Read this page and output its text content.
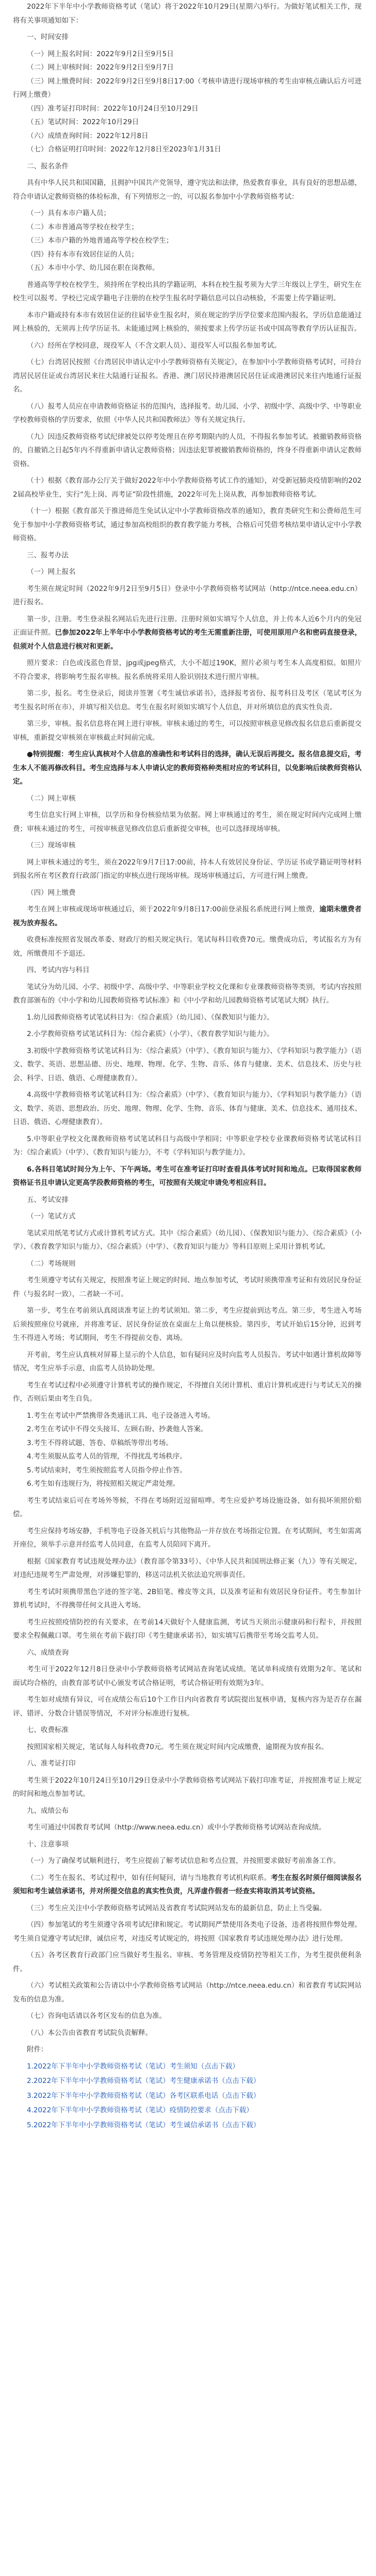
2022年下半年中小学教师资格考试（笔试）将于2022年10月29日(星期六)举行。为做好笔试相关工作，现将有关事项通知如下：

一、时间安排

（一）网上报名时间：2022年9月2日至9月5日

（二）网上审核时间：2022年9月2日至9月7日

（三）网上缴费时间：2022年9月2日至9月8日17:00（考核申请进行现场审核的考生由审核点确认后方可进行网上缴费）

（四）准考证打印时间：2022年10月24日至10月29日

（五）笔试时间：2022年10月29日

（六）成绩查询时间：2022年12月8日

（七）合格证明打印时间：2022年12月8日至2023年1月31日

二、报名条件

具有中华人民共和国国籍，且拥护中国共产党领导，遵守宪法和法律，热爱教育事业，具有良好的思想品德，符合申请认定教师资格的体检标准，有下列情形之一的，可以报名参加中小学教师资格考试：

（一）具有本市户籍人员；

（二）本市普通高等学校在校学生；

（三）本市户籍的外地普通高等学校在校学生；

（四）持有本市有效居住证的人员；

（五）本市中小学、幼儿园在职在岗教师。

普通高等学校在校学生，须持所在学校出具的学籍证明，本科在校生报考须为大学三年级以上学生，研究生在校生可以报考。学校已完成学籍电子注册的在校学生报名时学籍信息可以自动核验，不需要上传学籍证明。

本市户籍或持有本市有效居住证的往届毕业生报名时，须在规定的学历学位要求范围内报名，学历信息能通过网上核验的，无须再上传学历证书。未能通过网上核验的，须按要求上传学历证书或中国高等教育学历认证报告。

（六）经所在学校同意，现役军人（不含文职人员）、退役军人可以报名参加考试。

（七）台湾居民按照《台湾居民申请认定中小学教师资格有关规定》，在参加中小学教师资格考试时，可持台湾居民居住证或台湾居民来往大陆通行证报名。香港、澳门居民持港澳居民居住证或港澳居民来往内地通行证报名。

（八）报考人员应在申请教师资格证书的范围内，选择报考。幼儿园、小学、初级中学、高级中学、中等职业学校教师资格的学历要求，依照《中华人民共和国教师法》等有关规定执行。

（九）因违反教师资格考试纪律被处以停考处理且在停考期限内的人员，不得报名参加考试。被撤销教师资格的，自撤销之日起5年内不得重新申请认定教师资格；因违法犯罪被撤销教师资格的，终身不得重新申请认定教师资格。

（十）根据《教育部办公厅关于做好2022年中小学教师资格考试工作的通知》，对受新冠肺炎疫情影响的2022届高校毕业生，实行“先上岗、再考证”阶段性措施，2022年可先上岗从教，再参加教师资格考试。

（十一）根据《教育部关于推进师范生免试认定中小学教师资格改革的通知》，教育类研究生和公费师范生可免于参加中小学教师资格考试，通过参加高校组织的教育教学能力考核，合格后可凭借考核结果申请认定中小学教师资格。

三、报考办法

（一）网上报名

考生须在规定时间（2022年9月2日至9月5日）登录中小学教师资格考试网站（http://ntce.neea.edu.cn）进行报名。

第一步，注册。考生登录报名网站后先进行注册。注册时须如实填写个人信息，并上传本人近6个月内的免冠正面证件照。已参加2022年上半年中小学教师资格考试的考生无需重新注册，可使用原用户名和密码直接登录，但须对个人信息进行核对和更新。

照片要求：白色或浅蓝色背景，jpg或jpeg格式，大小不超过190K，照片必须与考生本人高度相似。如照片不符合要求，将影响考生报名审核。报名系统将采用人脸识别技术进行照片审核。

第二步，报名。考生登录后，阅读并签署《考生诚信承诺书》，选择报考省份、报考科目及考区（笔试考区为考生报名时所在市），并填写相关信息。考生在报名时须如实填写个人信息，并对所填信息的真实性负责。

第三步，审核。报名信息将在网上进行审核。审核未通过的考生，可以按照审核意见修改报名信息后重新提交审核，重新提交审核须在审核截止时间前完成。

●特别提醒：考生应认真核对个人信息的准确性和考试科目的选择，确认无误后再提交。报名信息提交后，考生本人不能再修改科目。考生应选择与本人申请认定的教师资格种类相对应的考试科目，以免影响后续教师资格认定。

（二）网上审核

考生信息实行网上审核，以学历和身份核验结果为依据。网上审核通过的考生，须在规定时间内完成网上缴费；审核未通过的考生，可按审核意见修改信息后重新提交审核，也可以选择现场审核。

（三）现场审核

网上审核未通过的考生，须在2022年9月7日17:00前，持本人有效居民身份证、学历证书或学籍证明等材料到报名所在考区教育行政部门指定的审核点进行现场审核。现场审核通过后，方可进行网上缴费。

（四）网上缴费

考生在网上审核或现场审核通过后，须于2022年9月8日17:00前登录报名系统进行网上缴费，逾期未缴费者视为放弃报名。

收费标准按照省发展改革委、财政厅的相关规定执行。笔试每科目收费70元。缴费成功后，考试报名方为有效，所缴费用不予退还。

四、考试内容与科目

笔试分为幼儿园、小学、初级中学、高级中学、中等职业学校文化课和专业课教师资格等类别，考试内容按照教育部颁布的《中小学和幼儿园教师资格考试标准》和《中小学和幼儿园教师资格考试笔试大纲》执行。

1.幼儿园教师资格考试笔试科目为：《综合素质》（幼儿园）、《保教知识与能力》。

2.小学教师资格考试笔试科目为：《综合素质》（小学）、《教育教学知识与能力》。

3.初级中学教师资格考试笔试科目为：《综合素质》（中学）、《教育知识与能力》、《学科知识与教学能力》（语文、数学、英语、思想品德、历史、地理、物理、化学、生物、音乐、体育与健康、美术、信息技术、历史与社会、科学、日语、俄语、心理健康教育）。

4.高级中学教师资格考试笔试科目为：《综合素质》（中学）、《教育知识与能力》、《学科知识与教学能力》（语文、数学、英语、思想政治、历史、地理、物理、化学、生物、音乐、体育与健康、美术、信息技术、通用技术、日语、俄语、心理健康教育）。

5.中等职业学校文化课教师资格考试笔试科目与高级中学相同；中等职业学校专业课教师资格考试笔试科目为：《综合素质》（中学）、《教育知识与能力》，不考《学科知识与教学能力》。

6.各科目笔试时间分为上午、下午两场。考生可在准考证打印时查看具体考试时间和地点。已取得国家教师资格证书且申请认定更高学段教师资格的考生，可按照有关规定申请免考相应科目。

五、考试安排

（一）笔试方式

笔试采用纸笔考试方式或计算机考试方式。其中《综合素质》（幼儿园）、《保教知识与能力》、《综合素质》（小学）、《教育教学知识与能力》、《综合素质》（中学）、《教育知识与能力》等科目原则上采用计算机考试。

（二）考场规则

考生须遵守考试有关规定，按照准考证上规定的时间、地点参加考试，考试时须携带准考证和有效居民身份证件（与报名时一致），二者缺一不可。

第一步，考生在考前须认真阅读准考证上的考试须知。第二步，考生应提前到达考点。第三步，考生进入考场后须按照座位号就座，并将准考证、居民身份证放在桌面左上角以便核验。第四步，考试开始后15分钟，迟到考生不得进入考场；考试期间，考生不得提前交卷、离场。

开考前，考生应认真核对屏幕上显示的个人信息，如有疑问应及时向监考人员报告。考试中如遇计算机故障等情况，考生应举手示意，由监考人员协助处理。

考生在考试过程中必须遵守计算机考试的操作规定，不得擅自关闭计算机、重启计算机或进行与考试无关的操作，否则后果由考生自负。

1.考生在考试中严禁携带各类通讯工具、电子设备进入考场。

2.考生在考试中不得交头接耳、左顾右盼、抄袭他人答案。

3.考生不得将试题、答卷、草稿纸等带出考场。

4.考生须服从监考人员的管理，不得扰乱考场秩序。

5.考试结束时，考生须按照监考人员指令停止作答。

6.考生如有违规行为，将按照相关规定严肃处理。

考生考试结束后可在考场外等候，不得在考场附近逗留喧哗。考生应爱护考场设施设备，如有损坏须照价赔偿。

考生应保持考场安静，手机等电子设备关机后与其他物品一并存放在考场指定位置。在考试期间，考生如需离开座位，须举手示意并经监考人员同意，在监考人员陪同下离开。

根据《国家教育考试违规处理办法》（教育部令第33号）、《中华人民共和国刑法修正案（九）》等有关规定，对违纪违规考生严肃处理，对涉嫌犯罪的，移送司法机关依法追究刑事责任。

考生考试时须携带黑色字迹的签字笔、2B铅笔、橡皮等文具，以及准考证和有效居民身份证件。考生参加计算机考试时，不得携带任何文具进入考场。

考生应按照疫情防控的有关要求，在考前14天做好个人健康监测，考试当天须出示健康码和行程卡，并按照要求全程佩戴口罩。考生须在考前下载打印《考生健康承诺书》，如实填写后携带至考场交监考人员。

六、成绩查询

考生可于2022年12月8日登录中小学教师资格考试网站查询笔试成绩。笔试单科成绩有效期为2年。笔试和面试均合格的，由教育部考试中心颁发考试合格证明，考试合格证明有效期为3年。

考生如对成绩有异议，可在成绩公布后10个工作日内向省教育考试院提出复核申请，复核内容为是否存在漏评、错评、分数合计错误等情况，不对评分标准进行复核。

七、收费标准

按照国家相关规定，笔试每人每科收费70元。考生须在规定时间内完成缴费，逾期视为放弃报名。

八、准考证打印

考生须于2022年10月24日至10月29日登录中小学教师资格考试网站下载打印准考证，并按照准考证上规定的时间和地点参加考试。

九、成绩公布

考生可通过中国教育考试网（http://www.neea.edu.cn）或中小学教师资格考试网站查询成绩。

十、注意事项

（一）为了确保考试顺利进行，考生应提前了解考试信息和考点位置，并按照要求做好考前准备工作。

（二）考生在报名、考试过程中，如有任何疑问，请与当地教育考试机构联系。考生在报名时须仔细阅读报名须知和考生诚信承诺书，并对所提交信息的真实性负责，凡弄虚作假者一经查实将取消其考试资格。

（三）考生应关注中小学教师资格考试网站及省教育考试院网站发布的最新信息，防止上当受骗。

（四）参加笔试的考生须遵守各项考试纪律和规定。考试期间严禁使用各类电子设备，违者将按照作弊处理。考生须自觉遵守考试纪律，诚信应考，对违反考试规定的，将按照《国家教育考试违规处理办法》进行处理。

（五）各考区教育行政部门应当做好考生报名、审核、考务管理及疫情防控等相关工作，为考生提供便利条件。

（六）考试相关政策和公告请以中小学教师资格考试网站（http://ntce.neea.edu.cn）和省教育考试院网站发布的信息为准。

（七）咨询电话请以各考区发布的信息为准。

（八）本公告由省教育考试院负责解释。

附件：

1.2022年下半年中小学教师资格考试（笔试）考生须知（点击下载）

2.2022年下半年中小学教师资格考试（笔试）考生健康承诺书（点击下载）

3.2022年下半年中小学教师资格考试（笔试）各考区联系电话（点击下载）

4.2022年下半年中小学教师资格考试（笔试）疫情防控要求（点击下载）

5.2022年下半年中小学教师资格考试（笔试）考生诚信承诺书（点击下载）
